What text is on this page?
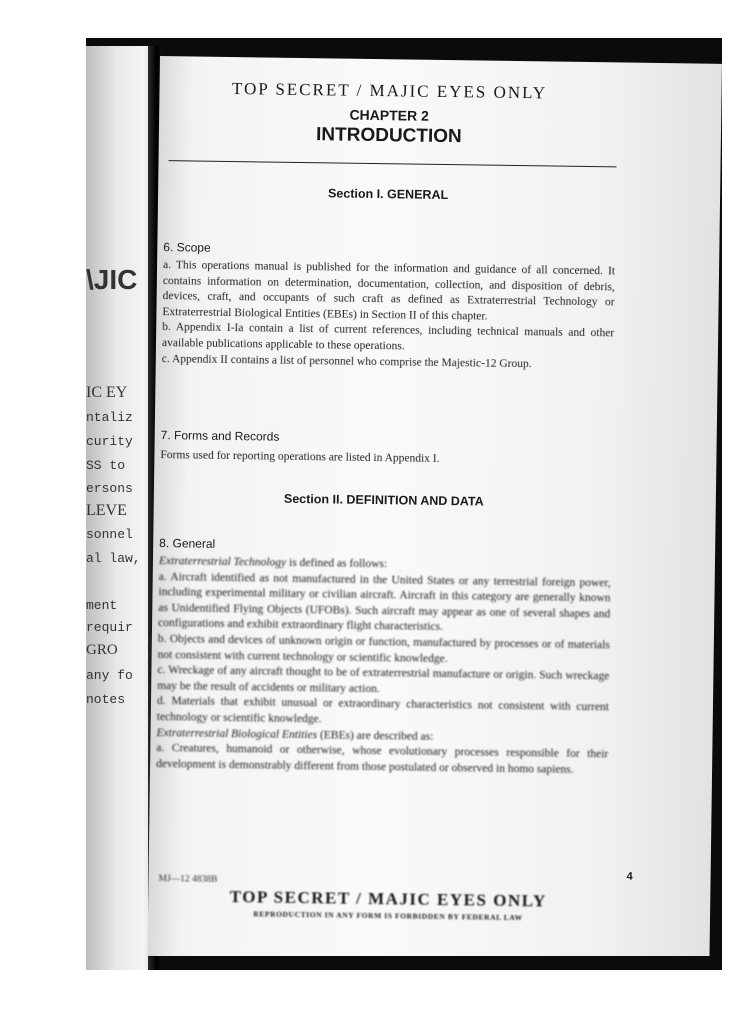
\JIC
IC EY
ntaliz
curity
SS to
ersons
LEVE
sonnel
al law,
ment
requir
GRO
any fo
notes
TOP SECRET / MAJIC EYES ONLY
CHAPTER 2
INTRODUCTION
Section I. GENERAL
6. Scope

a. This operations manual is published for the information and guidance of all concerned. It contains information on determination, documentation, collection, and disposition of debris, devices, craft, and occupants of such craft as defined as Extraterrestrial Technology or Extraterrestrial Biological Entities (EBEs) in Section II of this chapter.

b. Appendix I-Ia contain a list of current references, including technical manuals and other available publications applicable to these operations.

c. Appendix II contains a list of personnel who comprise the Majestic-12 Group.

7. Forms and Records
Forms used for reporting operations are listed in Appendix I.
Section II. DEFINITION AND DATA
8. General

Extraterrestrial Technology is defined as follows:

a. Aircraft identified as not manufactured in the United States or any terrestrial foreign power, including experimental military or civilian aircraft. Aircraft in this category are generally known as Unidentified Flying Objects (UFOBs). Such aircraft may appear as one of several shapes and configurations and exhibit extraordinary flight characteristics.

b. Objects and devices of unknown origin or function, manufactured by processes or of materials not consistent with current technology or scientific knowledge.

c. Wreckage of any aircraft thought to be of extraterrestrial manufacture or origin. Such wreckage may be the result of accidents or military action.

d. Materials that exhibit unusual or extraordinary characteristics not consistent with current technology or scientific knowledge.

Extraterrestrial Biological Entities (EBEs) are described as:

a. Creatures, humanoid or otherwise, whose evolutionary processes responsible for their development is demonstrably different from those postulated or observed in homo sapiens.

4
MJ—12 4838B
TOP SECRET / MAJIC EYES ONLY
REPRODUCTION IN ANY FORM IS FORBIDDEN BY FEDERAL LAW
